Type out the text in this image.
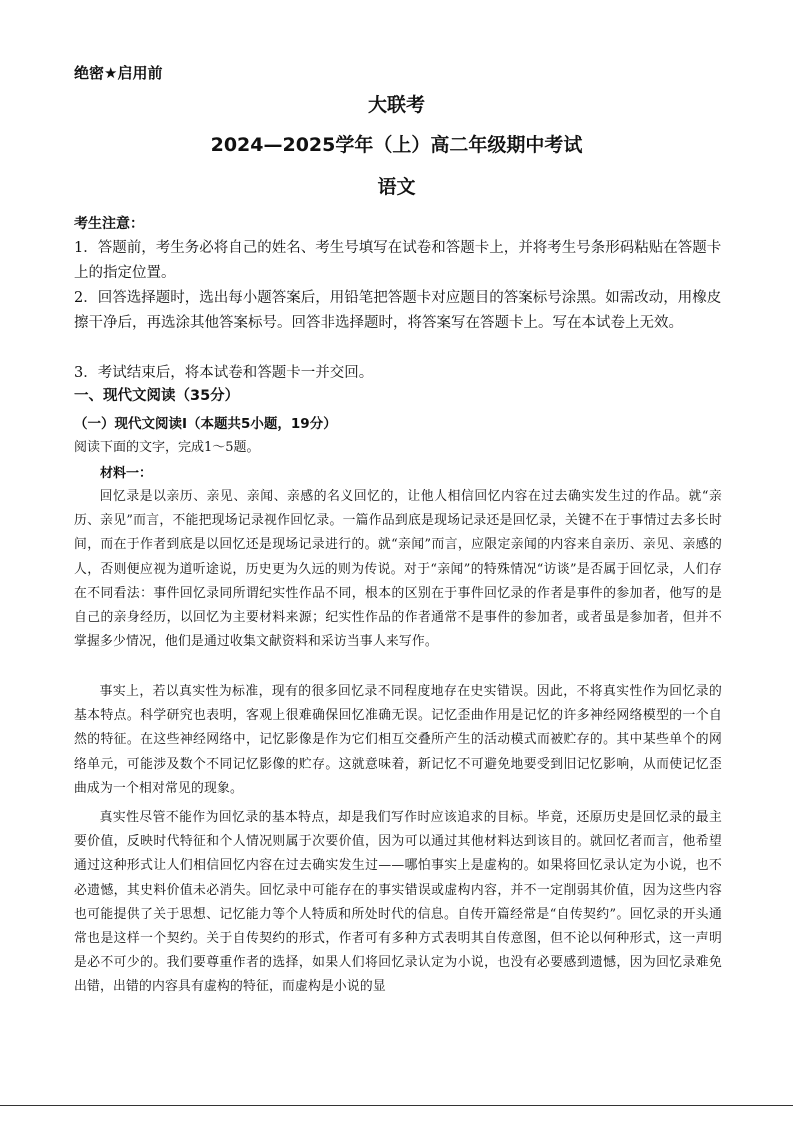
绝密★启用前
大联考
2024—2025学年（上）高二年级期中考试
语文
考生注意：
1．答题前，考生务必将自己的姓名、考生号填写在试卷和答题卡上，并将考生号条形码粘贴在答题卡上的指定位置。
2．回答选择题时，选出每小题答案后，用铅笔把答题卡对应题目的答案标号涂黑。如需改动，用橡皮擦干净后，再选涂其他答案标号。回答非选择题时，将答案写在答题卡上。写在本试卷上无效。
3．考试结束后，将本试卷和答题卡一并交回。
一、现代文阅读（35分）
（一）现代文阅读Ⅰ（本题共5小题，19分）
阅读下面的文字，完成1～5题。
材料一：
回忆录是以亲历、亲见、亲闻、亲感的名义回忆的，让他人相信回忆内容在过去确实发生过的作品。就“亲历、亲见”而言，不能把现场记录视作回忆录。一篇作品到底是现场记录还是回忆录，关键不在于事情过去多长时间，而在于作者到底是以回忆还是现场记录进行的。就“亲闻”而言，应限定亲闻的内容来自亲历、亲见、亲感的人，否则便应视为道听途说，历史更为久远的则为传说。对于“亲闻”的特殊情况“访谈”是否属于回忆录，人们存在不同看法：事件回忆录同所谓纪实性作品不同，根本的区别在于事件回忆录的作者是事件的参加者，他写的是自己的亲身经历，以回忆为主要材料来源；纪实性作品的作者通常不是事件的参加者，或者虽是参加者，但并不掌握多少情况，他们是通过收集文献资料和采访当事人来写作。
事实上，若以真实性为标准，现有的很多回忆录不同程度地存在史实错误。因此，不将真实性作为回忆录的基本特点。科学研究也表明，客观上很难确保回忆准确无误。记忆歪曲作用是记忆的许多神经网络模型的一个自然的特征。在这些神经网络中，记忆影像是作为它们相互交叠所产生的活动模式而被贮存的。其中某些单个的网络单元，可能涉及数个不同记忆影像的贮存。这就意味着，新记忆不可避免地要受到旧记忆影响，从而使记忆歪曲成为一个相对常见的现象。
真实性尽管不能作为回忆录的基本特点，却是我们写作时应该追求的目标。毕竟，还原历史是回忆录的最主要价值，反映时代特征和个人情况则属于次要价值，因为可以通过其他材料达到该目的。就回忆者而言，他希望通过这种形式让人们相信回忆内容在过去确实发生过——哪怕事实上是虚构的。如果将回忆录认定为小说，也不必遗憾，其史料价值未必消失。回忆录中可能存在的事实错误或虚构内容，并不一定削弱其价值，因为这些内容也可能提供了关于思想、记忆能力等个人特质和所处时代的信息。自传开篇经常是“自传契约”。回忆录的开头通常也是这样一个契约。关于自传契约的形式，作者可有多种方式表明其自传意图，但不论以何种形式，这一声明是必不可少的。我们要尊重作者的选择，如果人们将回忆录认定为小说，也没有必要感到遗憾，因为回忆录难免出错，出错的内容具有虚构的特征，而虚构是小说的显
